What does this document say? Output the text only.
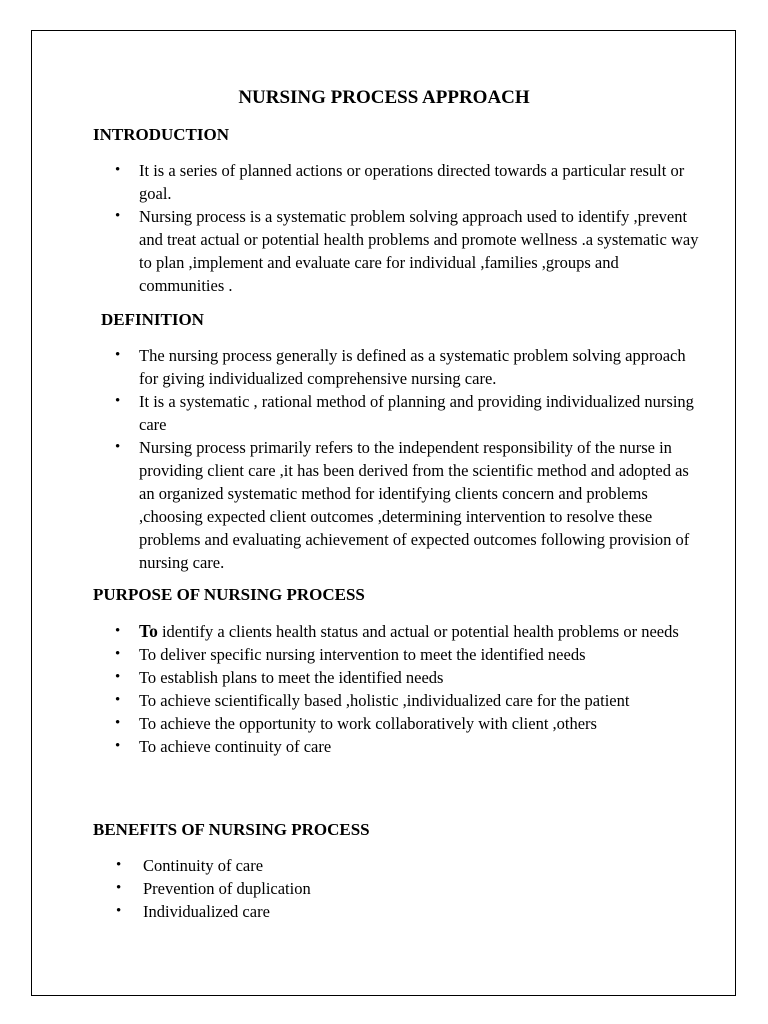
NURSING PROCESS APPROACH
INTRODUCTION
• It is a series of planned actions or operations directed towards a particular result or goal.
• Nursing process is a systematic problem solving approach used to identify ,prevent and treat actual or potential health problems and promote wellness .a systematic way to plan ,implement and evaluate care for individual ,families ,groups and communities .
DEFINITION
• The nursing process generally is defined as a systematic problem solving approach for giving individualized comprehensive nursing care.
• It is a systematic , rational method of planning and providing individualized nursing care
• Nursing process primarily refers to the independent responsibility of the nurse in providing client care ,it has been derived from the scientific method and adopted as an organized systematic method for identifying clients concern and problems ,choosing expected client outcomes ,determining intervention to resolve these problems and evaluating achievement of expected outcomes following provision of nursing care.
PURPOSE OF NURSING PROCESS
• To identify a clients health status and actual or potential health problems or needs
• To deliver specific nursing intervention to meet the identified needs
• To establish plans to meet the identified needs
• To achieve scientifically based ,holistic ,individualized care for the patient
• To achieve the opportunity to work collaboratively with client ,others
• To achieve continuity of care
BENEFITS OF NURSING PROCESS
• Continuity of care
• Prevention of duplication
• Individualized care
